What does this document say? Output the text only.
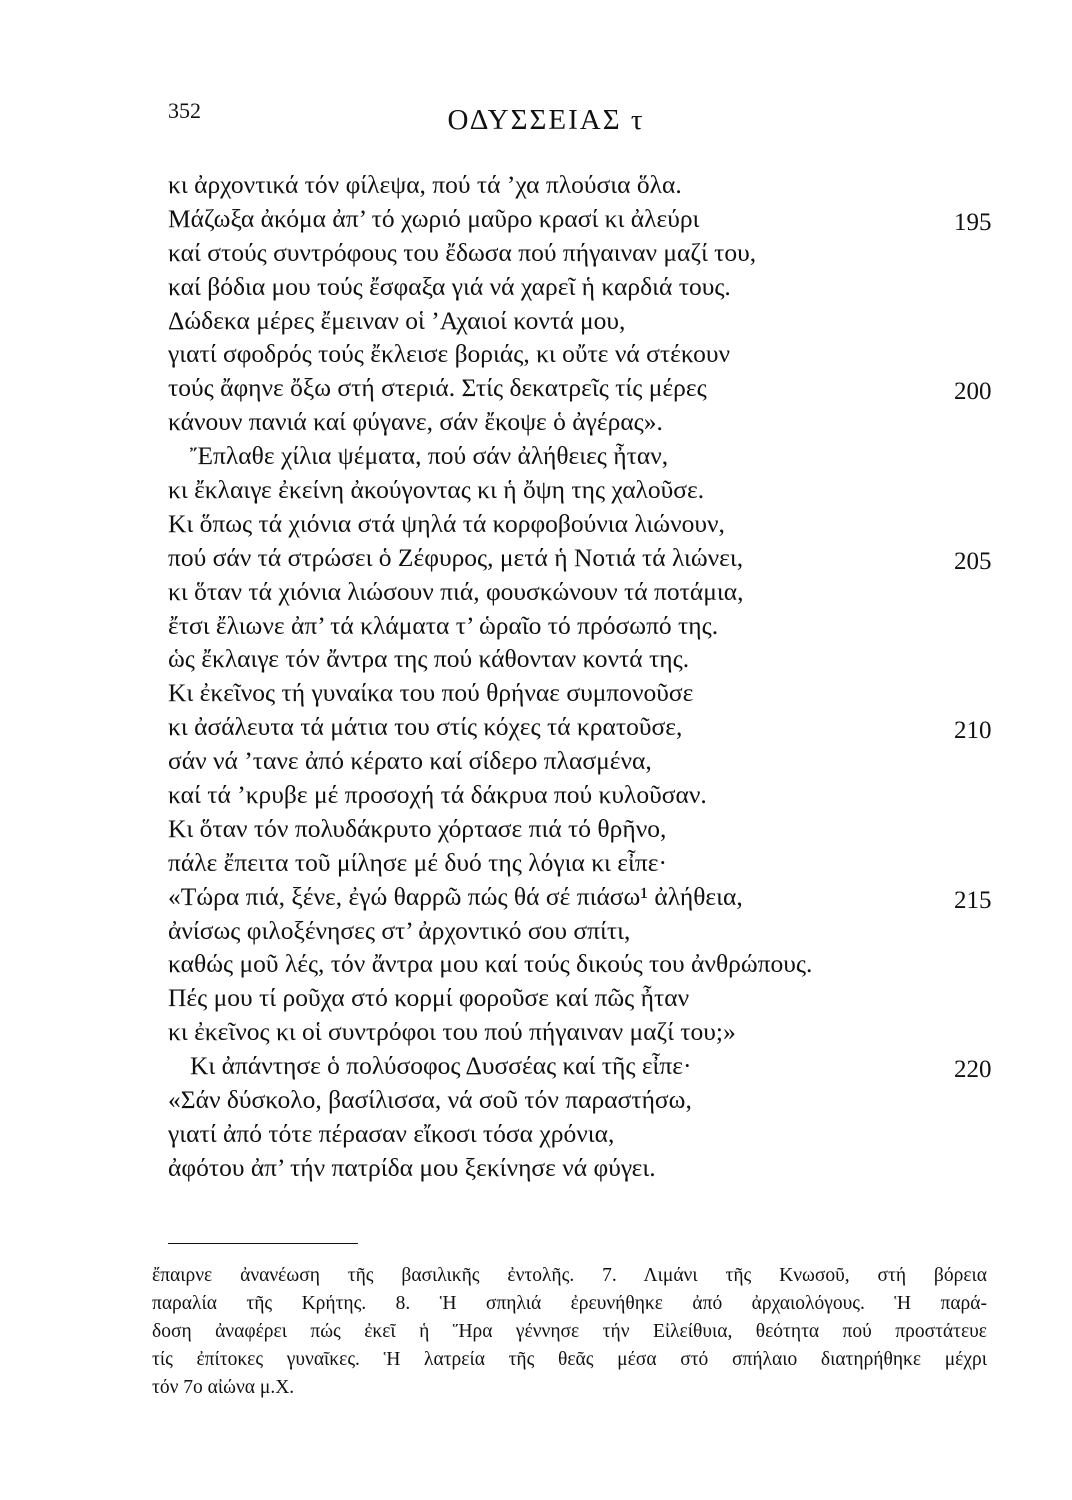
352	ΟΔΥΣΣΕΙΑΣ τ
κι ἀρχοντικά τόν φίλεψα, πού τά ’χα πλούσια ὅλα.
Μάζωξα ἀκόμα ἀπ’ τό χωριό μαῦρο κρασί κι ἀλεύρι	195
καί στούς συντρόφους του ἔδωσα πού πήγαιναν μαζί του,
καί βόδια μου τούς ἔσφαξα γιά νά χαρεῖ ἡ καρδιά τους.
Δώδεκα μέρες ἔμειναν οἱ ’Αχαιοί κοντά μου,
γιατί σφοδρός τούς ἔκλεισε βοριάς, κι οὔτε νά στέκουν
τούς ἄφηνε ὄξω στή στεριά. Στίς δεκατρεῖς τίς μέρες	200
κάνουν πανιά καί φύγανε, σάν ἔκοψε ὁ ἀγέρας».
Ἔπλαθε χίλια ψέματα, πού σάν ἀλήθειες ἦταν,
κι ἔκλαιγε ἐκείνη ἀκούγοντας κι ἡ ὄψη της χαλοῦσε.
Κι ὅπως τά χιόνια στά ψηλά τά κορφοβούνια λιώνουν,
πού σάν τά στρώσει ὁ Ζέφυρος, μετά ἡ Νοτιά τά λιώνει,	205
κι ὅταν τά χιόνια λιώσουν πιά, φουσκώνουν τά ποτάμια,
ἔτσι ἔλιωνε ἀπ’ τά κλάματα τ’ ὡραῖο τό πρόσωπό της.
ὡς ἔκλαιγε τόν ἄντρα της πού κάθονταν κοντά της.
Κι ἐκεῖνος τή γυναίκα του πού θρήναε συμπονοῦσε
κι ἀσάλευτα τά μάτια του στίς κόχες τά κρατοῦσε,	210
σάν νά ’τανε ἀπό κέρατο καί σίδερο πλασμένα,
καί τά ’κρυβε μέ προσοχή τά δάκρυα πού κυλοῦσαν.
Κι ὅταν τόν πολυδάκρυτο χόρτασε πιά τό θρῆνο,
πάλε ἔπειτα τοῦ μίλησε μέ δυό της λόγια κι εἶπε·
«Τώρα πιά, ξένε, ἐγώ θαρρῶ πώς θά σέ πιάσω¹ ἀλήθεια,	215
ἀνίσως φιλοξένησες στ’ ἀρχοντικό σου σπίτι,
καθώς μοῦ λές, τόν ἄντρα μου καί τούς δικούς του ἀνθρώπους.
Πές μου τί ροῦχα στό κορμί φοροῦσε καί πῶς ἦταν
κι ἐκεῖνος κι οἱ συντρόφοι του πού πήγαιναν μαζί του;»
Κι ἀπάντησε ὁ πολύσοφος Δυσσέας καί τῆς εἶπε·	220
«Σάν δύσκολο, βασίλισσα, νά σοῦ τόν παραστήσω,
γιατί ἀπό τότε πέρασαν εἴκοσι τόσα χρόνια,
ἀφότου ἀπ’ τήν πατρίδα μου ξεκίνησε νά φύγει.
ἔπαιρνε ἀνανέωση τῆς βασιλικῆς ἐντολῆς. 7. Λιμάνι τῆς Κνωσοῦ, στή βόρεια
παραλία τῆς Κρήτης. 8. Ἡ σπηλιά ἐρευνήθηκε ἀπό ἀρχαιολόγους. Ἡ παρά-
δοση ἀναφέρει πώς ἐκεῖ ἡ Ἥρα γέννησε τήν Εἰλείθυια, θεότητα πού προστάτευε
τίς ἐπίτοκες γυναῖκες. Ἡ λατρεία τῆς θεᾶς μέσα στό σπήλαιο διατηρήθηκε μέχρι
τόν 7ο αἰώνα μ.Χ.
